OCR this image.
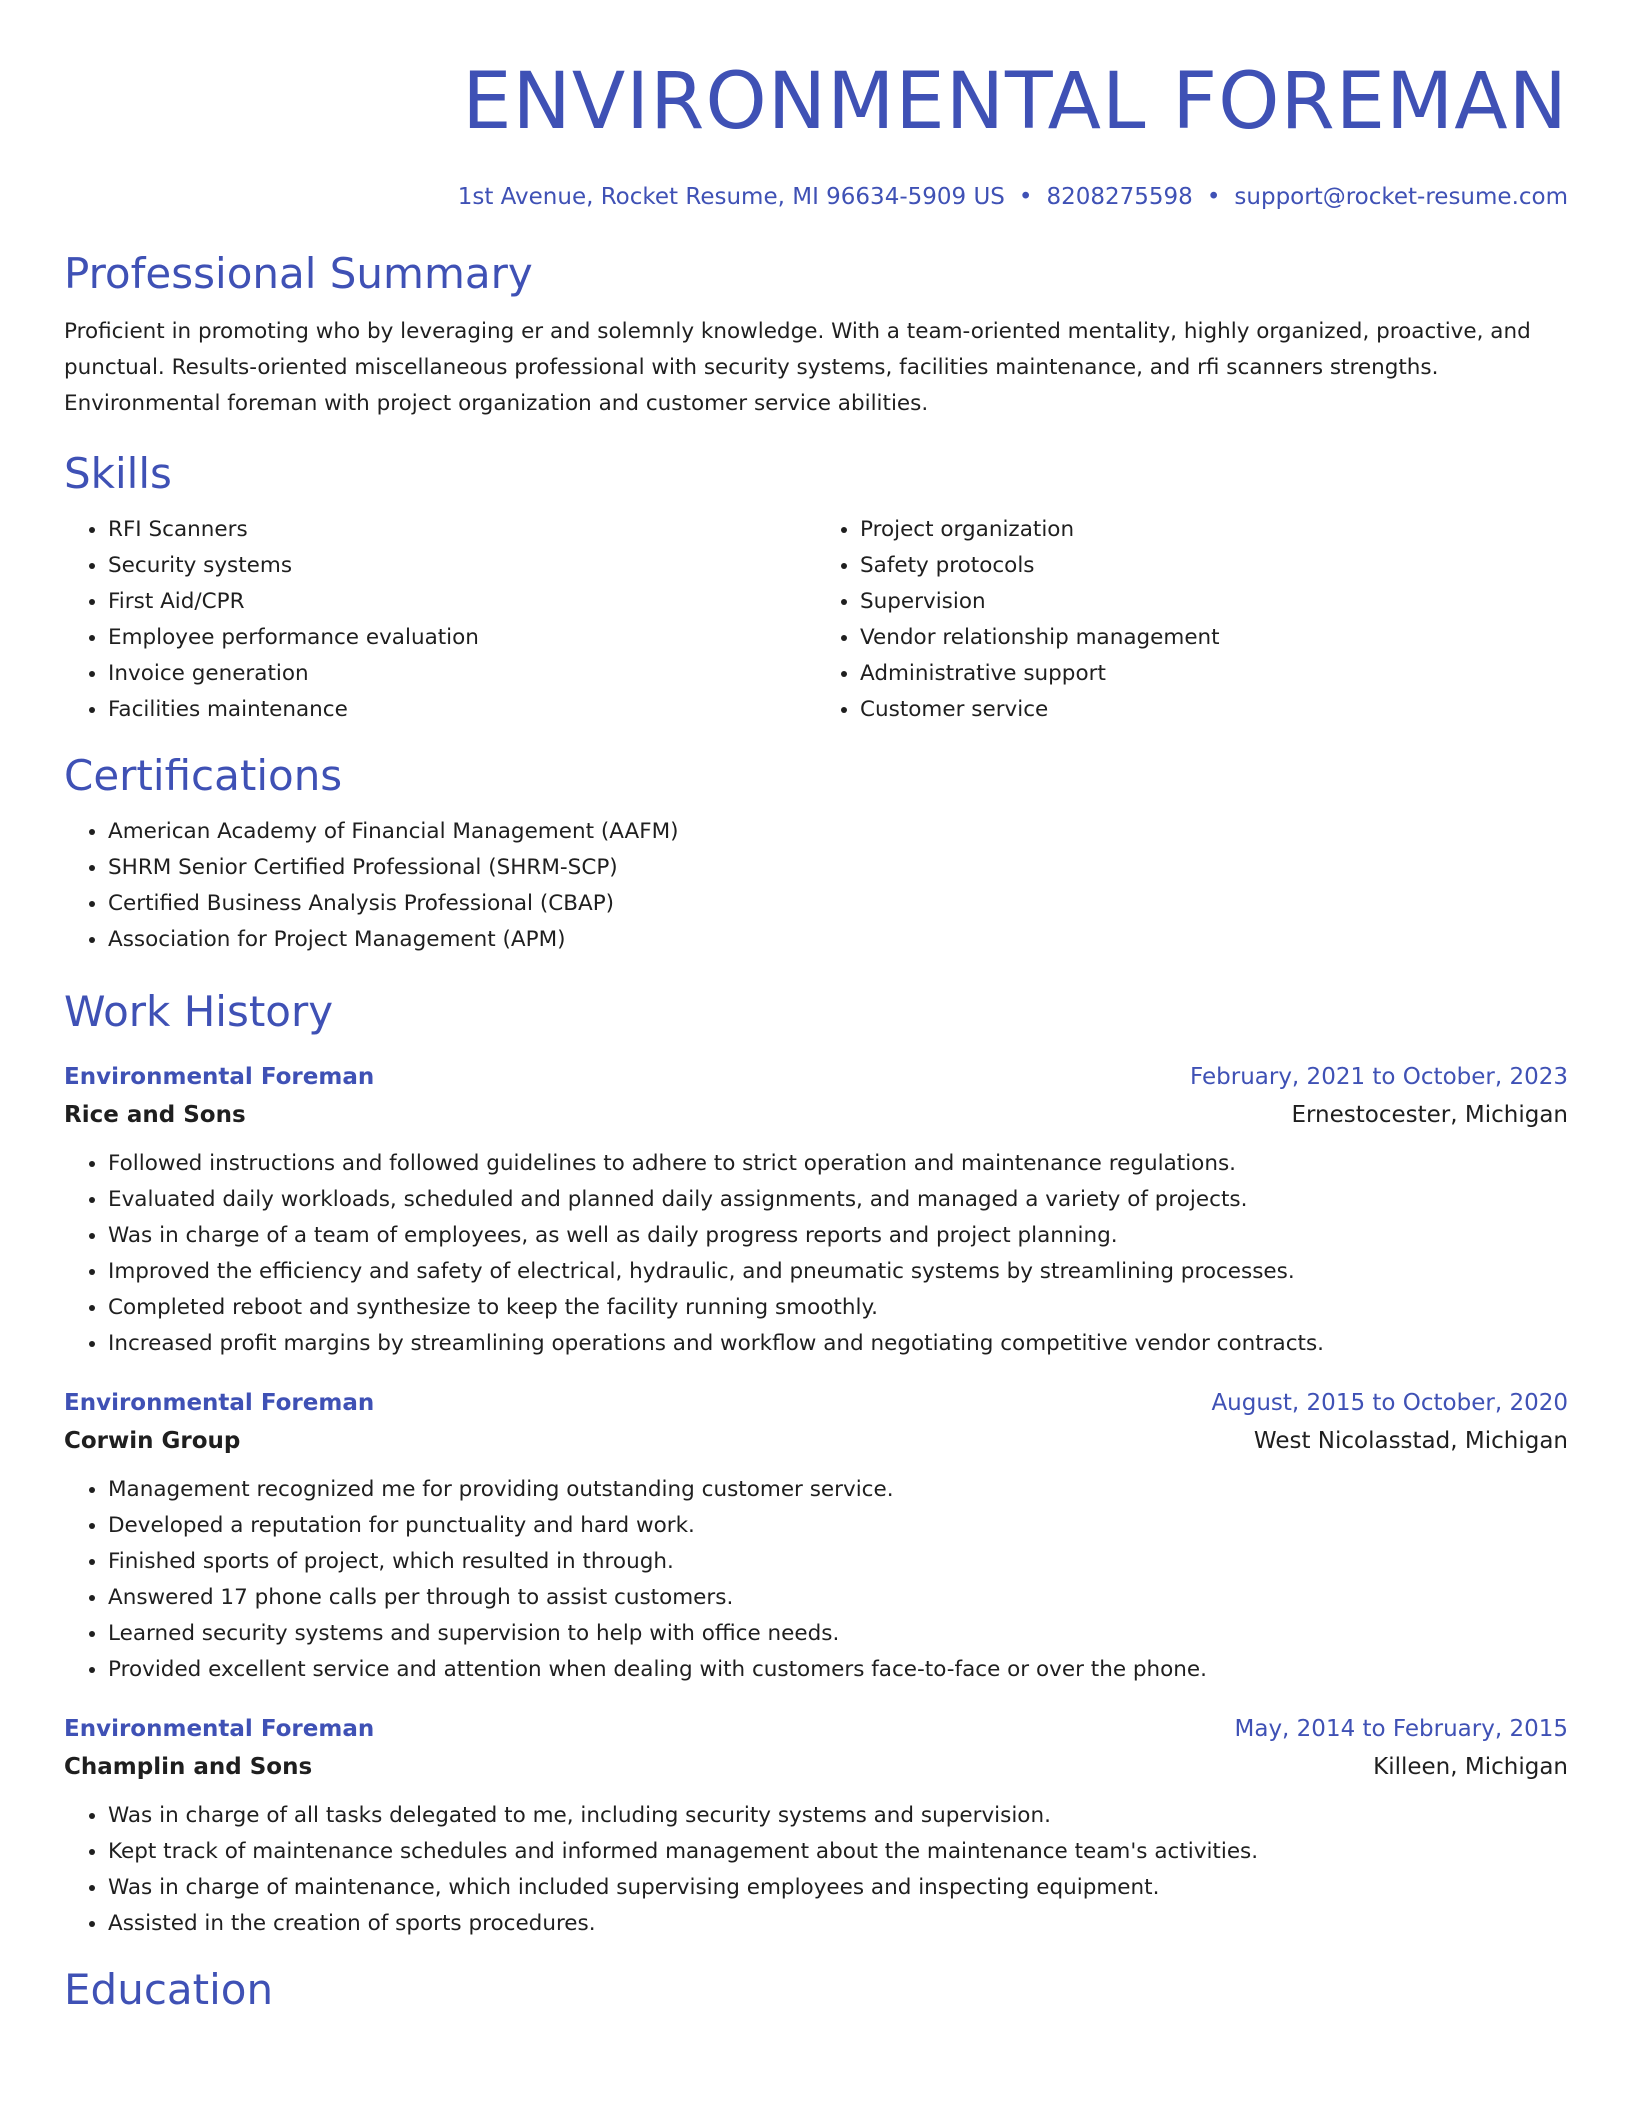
ENVIRONMENTAL FOREMAN
1st Avenue, Rocket Resume, MI 96634-5909 US • 8208275598 • support@rocket-resume.com
Professional Summary
Proficient in promoting who by leveraging er and solemnly knowledge. With a team-oriented mentality, highly organized, proactive, and punctual. Results-oriented miscellaneous professional with security systems, facilities maintenance, and rfi scanners strengths. Environmental foreman with project organization and customer service abilities.
Skills
• RFI Scanners
• Security systems
• First Aid/CPR
• Employee performance evaluation
• Invoice generation
• Facilities maintenance
• Project organization
• Safety protocols
• Supervision
• Vendor relationship management
• Administrative support
• Customer service
Certifications
• American Academy of Financial Management (AAFM)
• SHRM Senior Certified Professional (SHRM-SCP)
• Certified Business Analysis Professional (CBAP)
• Association for Project Management (APM)
Work History
Environmental Foreman	February, 2021 to October, 2023
Rice and Sons	Ernestocester, Michigan
• Followed instructions and followed guidelines to adhere to strict operation and maintenance regulations.
• Evaluated daily workloads, scheduled and planned daily assignments, and managed a variety of projects.
• Was in charge of a team of employees, as well as daily progress reports and project planning.
• Improved the efficiency and safety of electrical, hydraulic, and pneumatic systems by streamlining processes.
• Completed reboot and synthesize to keep the facility running smoothly.
• Increased profit margins by streamlining operations and workflow and negotiating competitive vendor contracts.
Environmental Foreman	August, 2015 to October, 2020
Corwin Group	West Nicolasstad, Michigan
• Management recognized me for providing outstanding customer service.
• Developed a reputation for punctuality and hard work.
• Finished sports of project, which resulted in through.
• Answered 17 phone calls per through to assist customers.
• Learned security systems and supervision to help with office needs.
• Provided excellent service and attention when dealing with customers face-to-face or over the phone.
Environmental Foreman	May, 2014 to February, 2015
Champlin and Sons	Killeen, Michigan
• Was in charge of all tasks delegated to me, including security systems and supervision.
• Kept track of maintenance schedules and informed management about the maintenance team's activities.
• Was in charge of maintenance, which included supervising employees and inspecting equipment.
• Assisted in the creation of sports procedures.
Education
